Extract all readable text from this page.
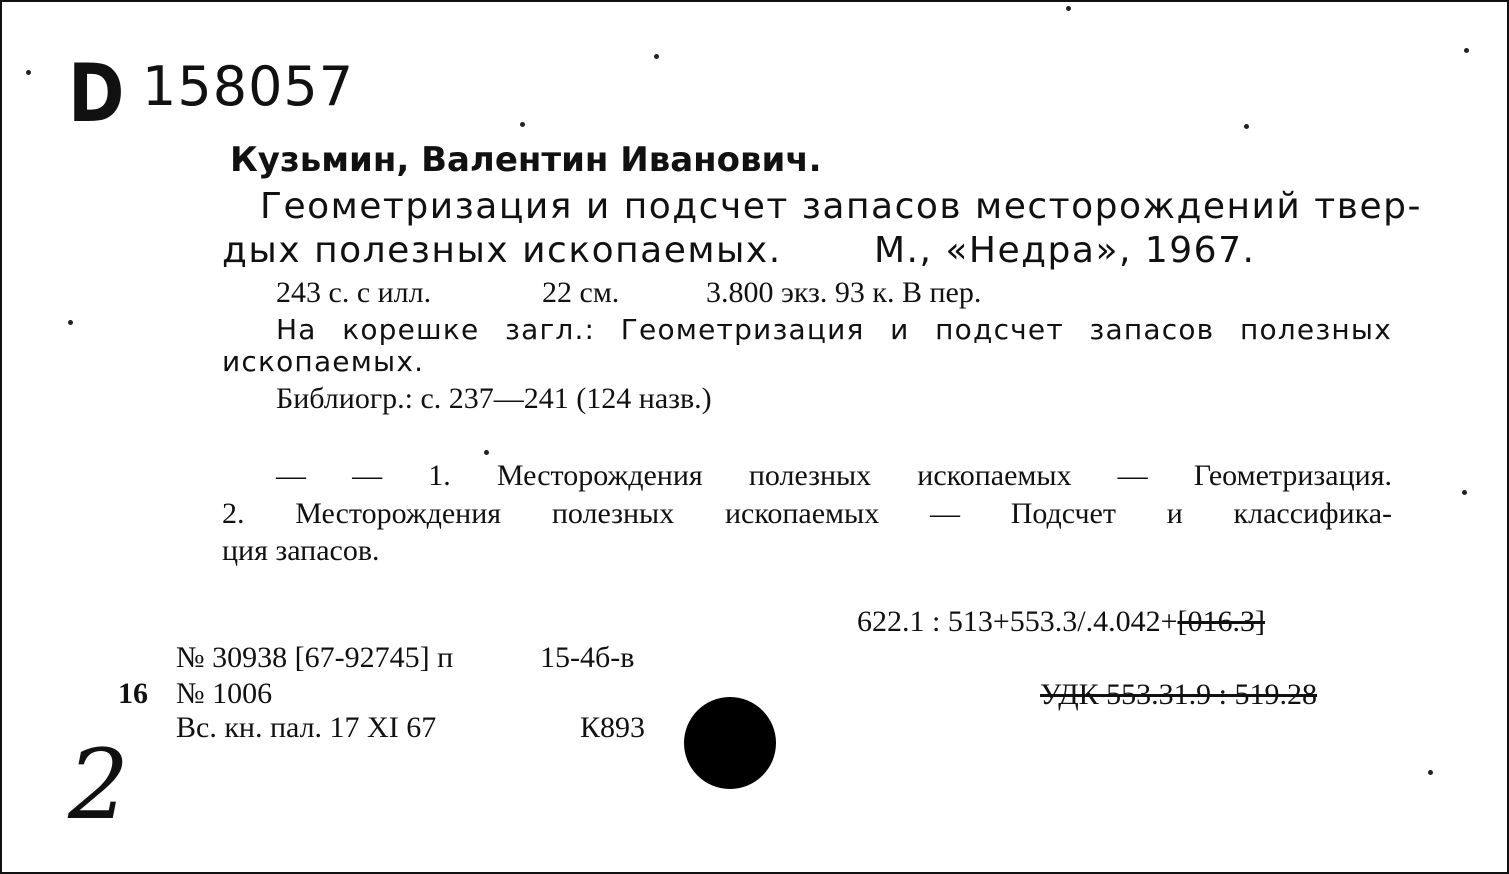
D 158057
Кузьмин, Валентин Иванович.
Геометризация и подсчет запасов месторождений твер-
дых полезных ископаемых.	М., «Недра», 1967.
243 с. с илл.	22 см.	3.800 экз. 93 к. В пер.
На корешке загл.: Геометризация и подсчет запасов полезных
ископаемых.
Библиогр.: с. 237—241 (124 назв.)
— — 1. Месторождения полезных ископаемых — Геометризация.
2. Месторождения полезных ископаемых — Подсчет и классифика-
ция запасов.
622.1 : 513+553.3/.4.042+[016.3]
УДК 553.31.9 : 519.28
№ 30938 [67-92745] п	15-4б-в
16 № 1006
Вс. кн. пал. 17 XI 67	К893
2
